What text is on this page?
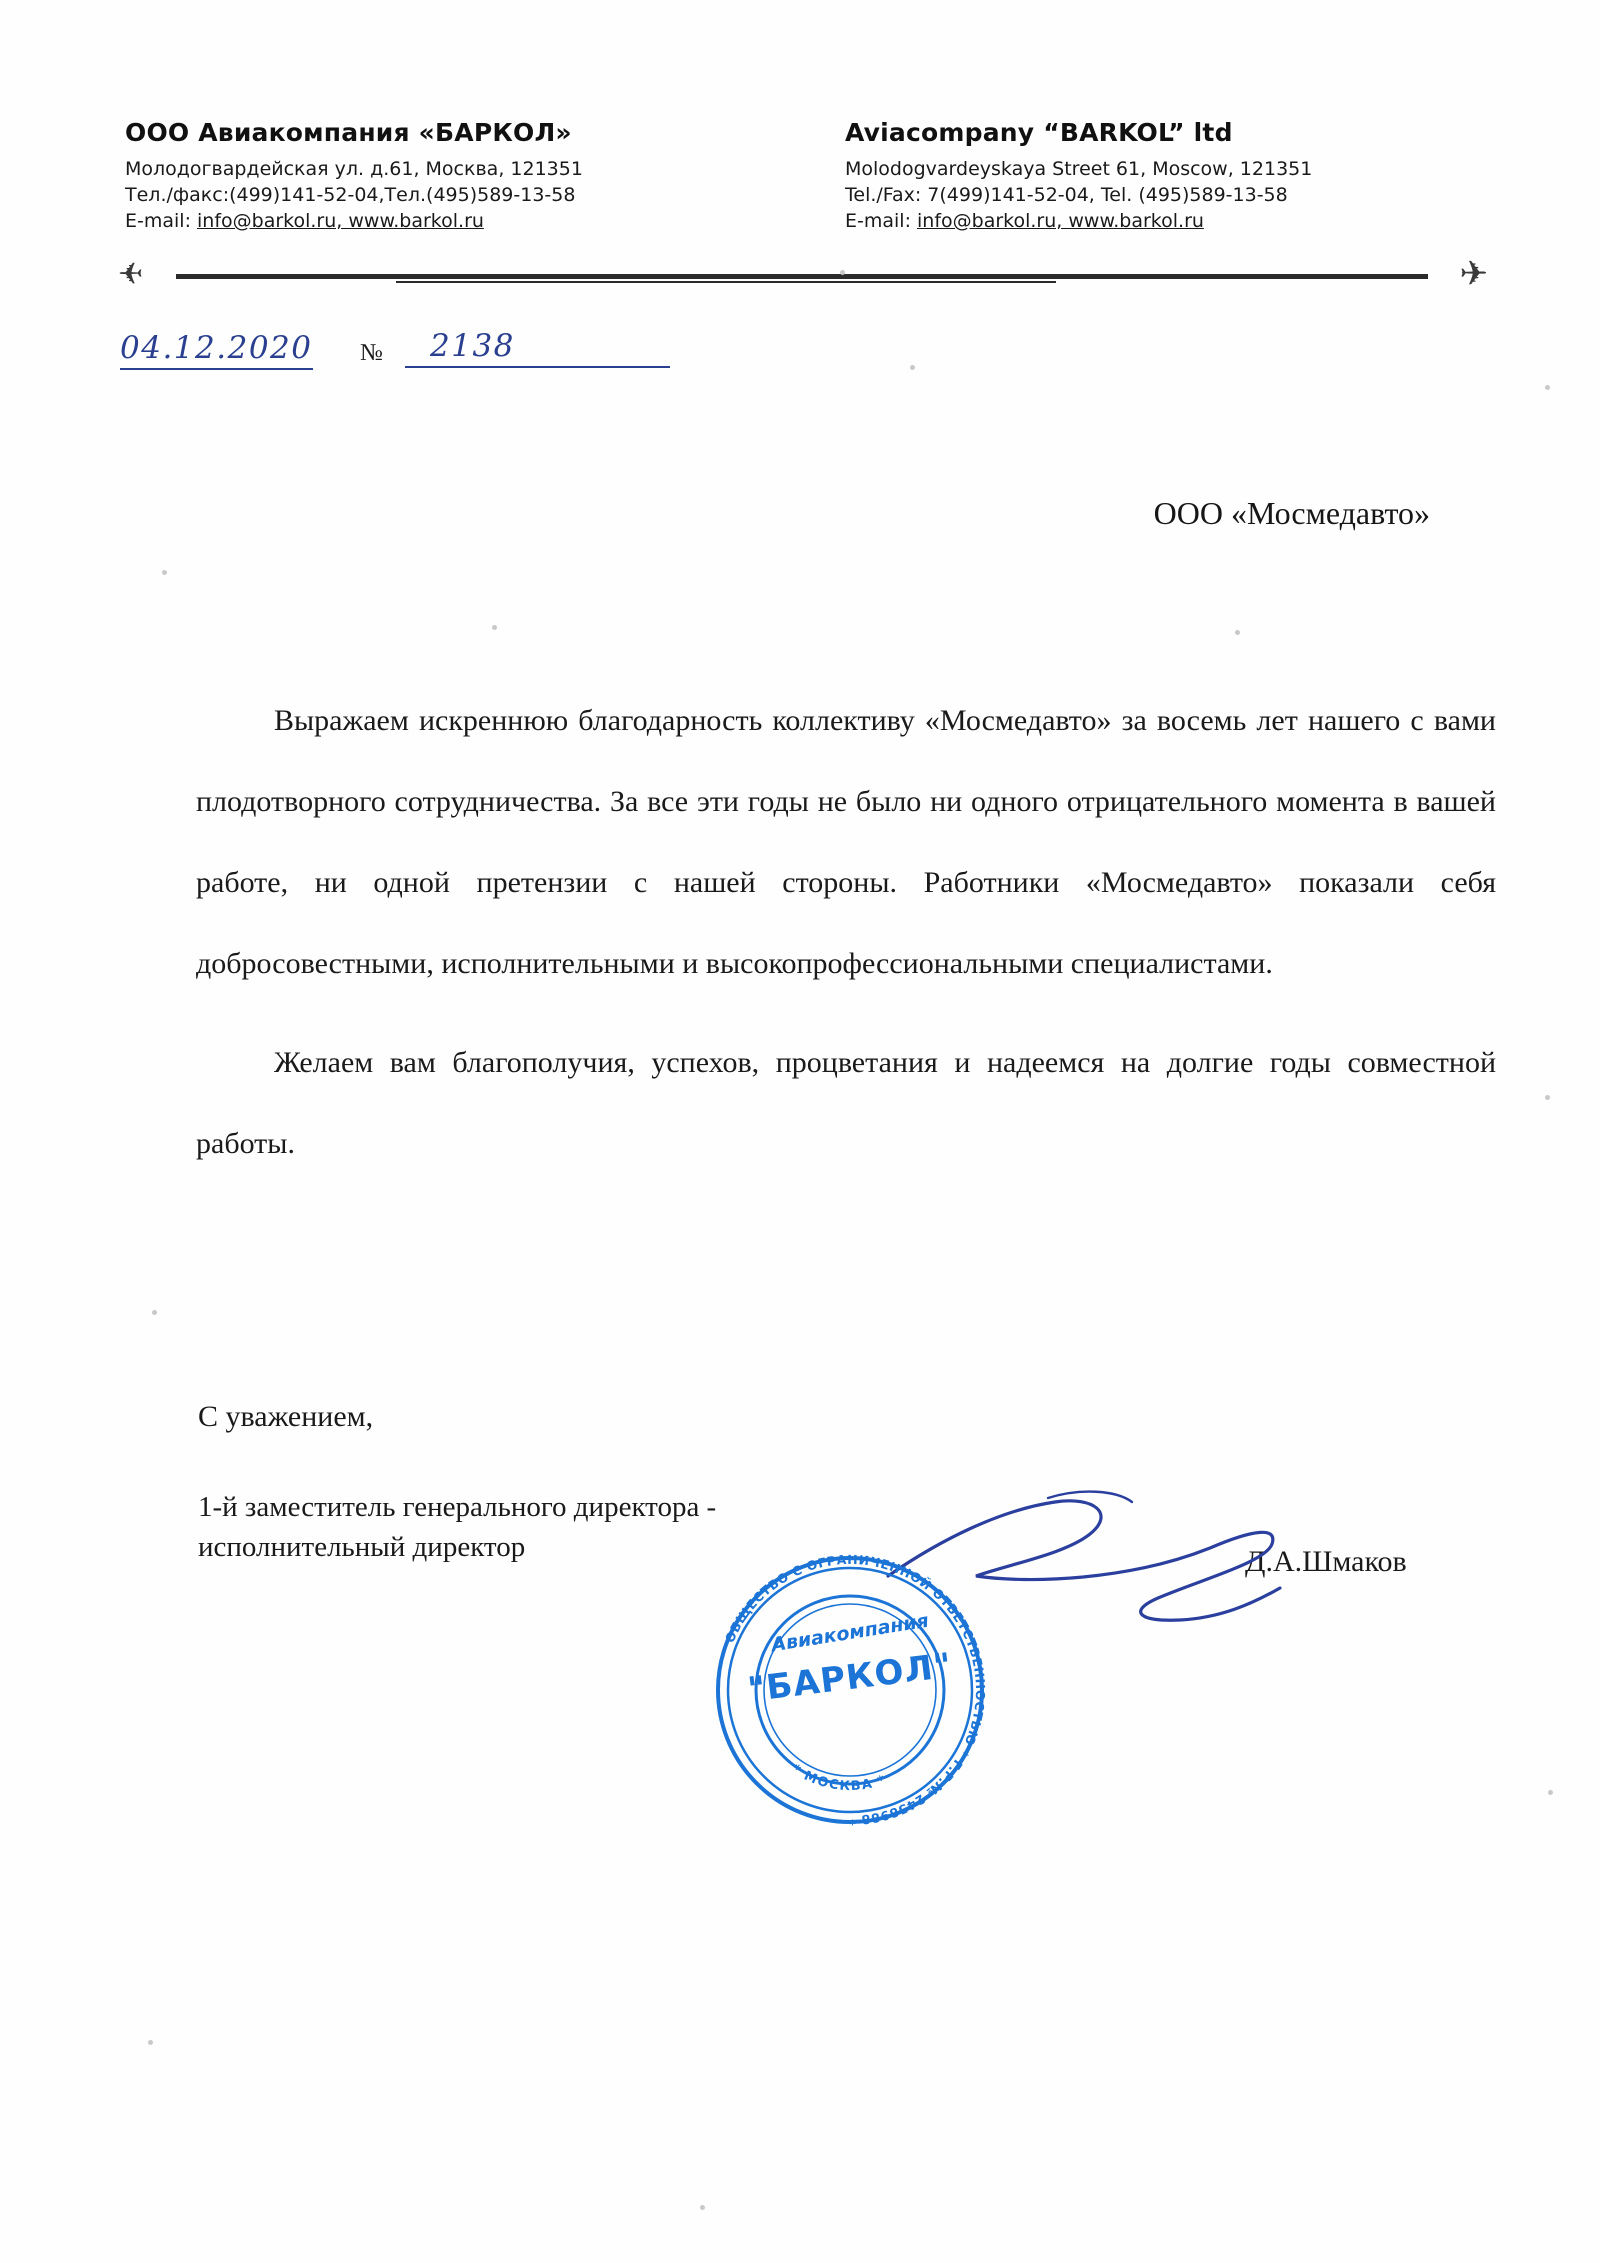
ООО Авиакомпания «БАРКОЛ»
Молодогвардейская ул. д.61, Москва, 121351
Тел./факс:(499)141-52-04,Тел.(495)589-13-58
E-mail: info@barkol.ru, www.barkol.ru
Aviacompany “BARKOL” ltd
Molodogvardeyskaya Street 61, Moscow, 121351
Tel./Fax: 7(499)141-52-04, Tel. (495)589-13-58
E-mail: info@barkol.ru, www.barkol.ru
✈	✈
04.12.2020 №	2138
ООО «Мосмедавто»

Выражаем искреннюю благодарность коллективу «Мосмедавто» за восемь лет нашего с вами плодотворного сотрудничества. За все эти годы не было ни одного отрицательного момента в вашей работе, ни одной претензии с нашей стороны. Работники «Мосмедавто» показали себя добросовестными, исполнительными и высокопрофессиональными специалистами.

Желаем вам благополучия, успехов, процветания и надеемся на долгие годы совместной работы.

С уважением,
1-й заместитель генерального директора -
исполнительный директор	Д.А.Шмаков
ОБЩЕСТВО С ОГРАНИЧЕННОЙ ОТВЕТСТВЕННОСТЬЮ * Г.Р.№ 2458988 *
* МОСКВА *
Авиакомпания
"БАРКОЛ"
